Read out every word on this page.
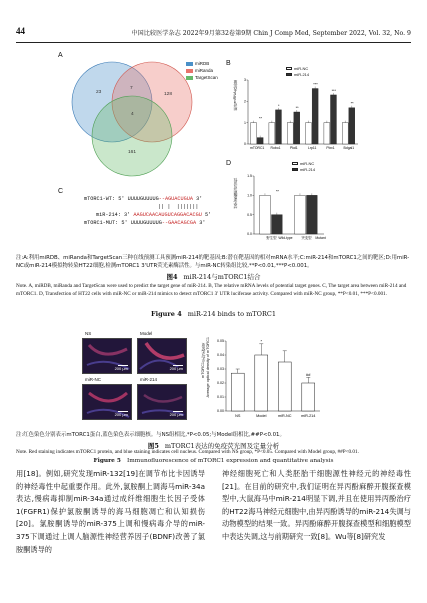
44	中国比较医学杂志 2022年9月第32卷第9期 Chin J Comp Med, September 2022, Vol. 32, No. 9
A
B
C
D
23
7
128
4
161
miRDB
miRanda
TargetScan
相对mRNA表达量
miR-NC
miR-214
0
1
2
3
**
mTORC1
*
Robo1
**
Pkd1
***
Lrp11
***
Plxx1
**
Bdgal1
荧光素酶相对活性
miR-NC
miR-214
0.0
0.5
1.0
1.5
**
野生型 Wild-type	突变型 Mutant
mTORC1-WT: 5' UUUUGUUUUG--AGUACUGUA 3'
|| |  |||||||
miR-214: 3' AAGUCAACAUGUCAGGACACGU 5'
mTORC1-MUT: 5' UUUUGUUUUG--GAACAGCGA 3'

注:A:利用miRDB、miRanda和TargetScan三种在线预测工具预测miR-214的靶基因;B:潜在靶基因的相对mRNA水平;C:miR-214和mTORC1之间的靶区;D:用miR-NC或miR-214模拟物转染HT22细胞,检测mTORC1 3'UTR荧光素酶活性。与miR-NC转染组比较,**P<0.01,***P<0.001。

图4 miR-214与mTORC1结合

Note. A, miRDB, miRanda and TargetScan were used to predict the target gene of miR-214. B, The relative mRNA levels of potential target genes. C, The target area between miR-214 and mTORC1. D, Transfection of HT22 cells with miR-NC or miR-214 mimics to detect mTORC1 3' UTR luciferase activity. Compared with miR-NC group, **P<0.01, ***P<0.001.

Figure 4 miR-214 binds to mTORC1
NS	Model
miR-NC	miR-214
200 μm	200 μm
200 μm	200 μm
mTORC1平均光密度 Average optical density of mTORC1
0.00
0.01
0.02
0.03
0.04
0.05
NS
*
Model	miR-NC
##
miR-214

注:红色染色分别表示mTORC1蛋白,蓝色染色表示细胞核。与NS组相比,*P<0.05;与Model组相比,##P<0.01。

图5 mTORC1表达的免疫荧光图及定量分析

Note. Red staining indicates mTORC1 protein, and blue staining indicates cell nucleus. Compared with NS group, *P<0.05. Compared with Model group, ##P<0.01.

Figure 5 Immunofluorescence of mTORC1 expression and quantitative analysis

用[18]。例如,研究发现miR-132[19]在调节布比卡因诱导的神经毒性中起重要作用。此外,氯胺酮上调海马miR-34a表达,慢病毒抑制miR-34a通过成纤维细胞生长因子受体1(FGFR1)保护氯胺酮诱导的海马细胞凋亡和认知损伤[20]。氯胺酮诱导的miR-375上调和慢病毒介导的miR-375下调通过上调人脑源性神经营养因子(BDNF)改善了氯胺酮诱导的

神经细胞死亡和人类胚胎干细胞源性神经元的神经毒性[21]。在目前的研究中,我们证明在异丙酚麻醉开腹探查模型中,大鼠海马中miR-214明显下调,并且在使用异丙酚治疗的HT22海马神经元细胞中,由异丙酚诱导的miR-214失调与动物模型的结果一致。异丙酚麻醉开腹探查模型和细胞模型中表达失调,这与前期研究一致[8]。Wu等[8]研究发
